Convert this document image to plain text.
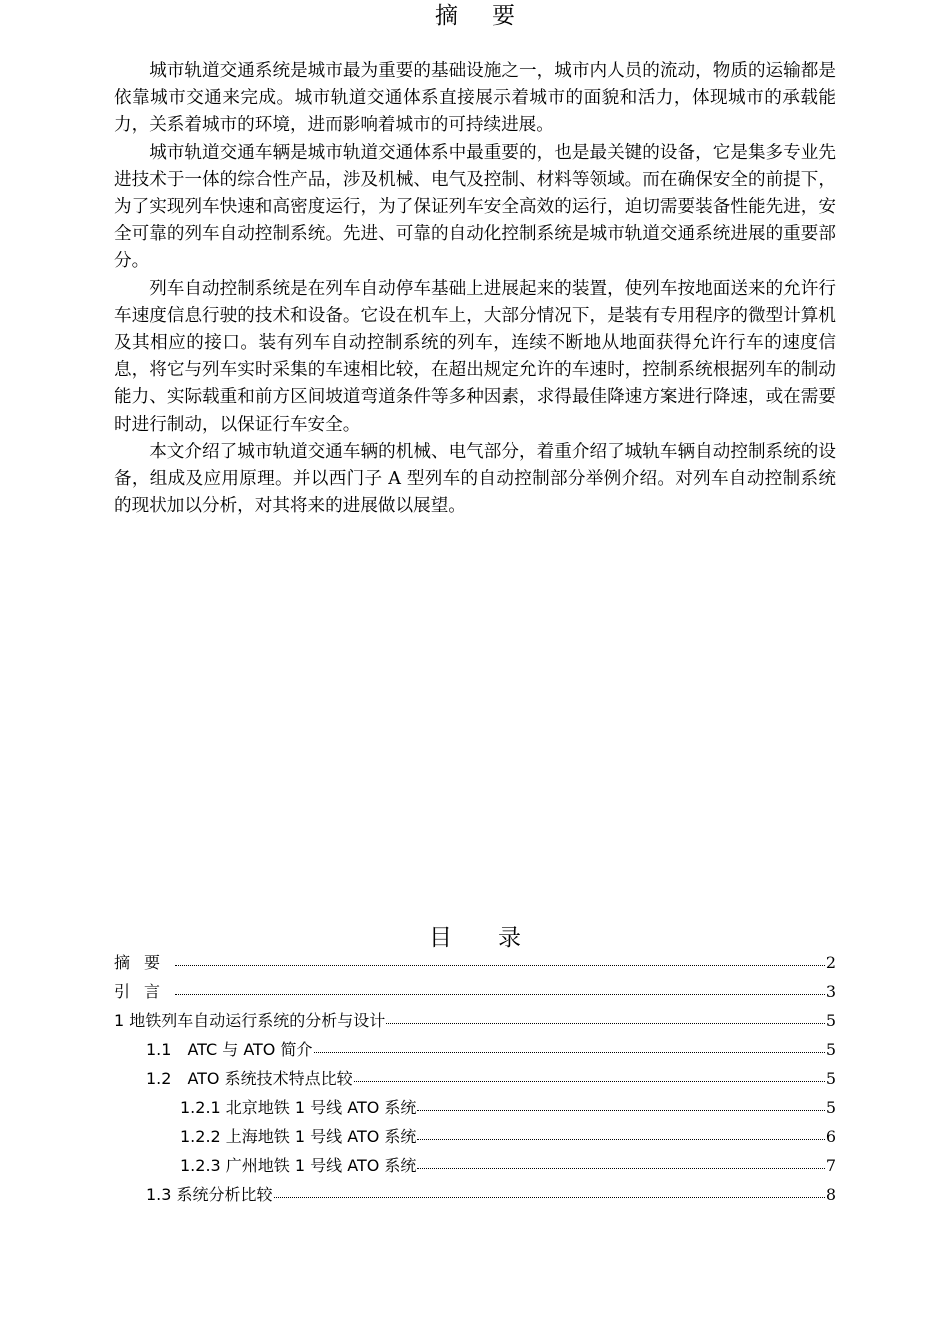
摘要

城市轨道交通系统是城市最为重要的基础设施之一，城市内人员的流动，物质的运输都是依靠城市交通来完成。城市轨道交通体系直接展示着城市的面貌和活力，体现城市的承载能力，关系着城市的环境，进而影响着城市的可持续进展。

城市轨道交通车辆是城市轨道交通体系中最重要的，也是最关键的设备，它是集多专业先进技术于一体的综合性产品，涉及机械、电气及控制、材料等领域。而在确保安全的前提下，为了实现列车快速和高密度运行，为了保证列车安全高效的运行，迫切需要装备性能先进，安全可靠的列车自动控制系统。先进、可靠的自动化控制系统是城市轨道交通系统进展的重要部分。

列车自动控制系统是在列车自动停车基础上进展起来的装置，使列车按地面送来的允许行车速度信息行驶的技术和设备。它设在机车上，大部分情况下，是装有专用程序的微型计算机及其相应的接口。装有列车自动控制系统的列车，连续不断地从地面获得允许行车的速度信息，将它与列车实时采集的车速相比较，在超出规定允许的车速时，控制系统根据列车的制动能力、实际载重和前方区间坡道弯道条件等多种因素，求得最佳降速方案进行降速，或在需要时进行制动，以保证行车安全。

本文介绍了城市轨道交通车辆的机械、电气部分，着重介绍了城轨车辆自动控制系统的设备，组成及应用原理。并以西门子 A 型列车的自动控制部分举例介绍。对列车自动控制系统的现状加以分析，对其将来的进展做以展望。

目录
摘要	2
引言	3
1 地铁列车自动运行系统的分析与设计	5
1.1　ATC 与 ATO 简介	5
1.2　ATO 系统技术特点比较	5
1.2.1 北京地铁 1 号线 ATO 系统	5
1.2.2 上海地铁 1 号线 ATO 系统	6
1.2.3 广州地铁 1 号线 ATO 系统	7
1.3 系统分析比较	8
